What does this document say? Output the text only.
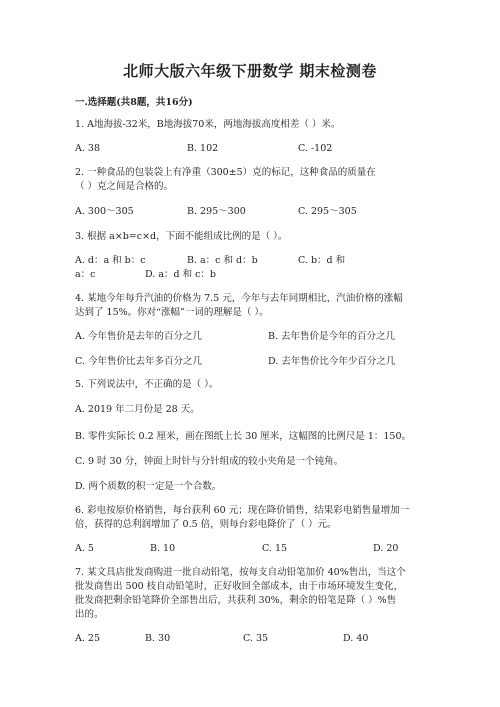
北师大版六年级下册数学 期末检测卷
一.选择题(共8题，共16分)
1. A地海拔-32米，B地海拔70米，两地海拔高度相差（ ）米。
A. 38	B. 102	C. -102
2. 一种食品的包装袋上有净重（300±5）克的标记，这种食品的质量在
（ ）克之间是合格的。
A. 300～305	B. 295～300	C. 295～305
3. 根据 a×b=c×d，下面不能组成比例的是（ ）。
A. d：a 和 b：c	B. a：c 和 d：b	C. b：d 和
a：c	D. a：d 和 c：b
4. 某地今年每升汽油的价格为 7.5 元，今年与去年同期相比，汽油价格的涨幅
达到了 15%。你对“涨幅”一词的理解是（ ）。
A. 今年售价是去年的百分之几	B. 去年售价是今年的百分之几
C. 今年售价比去年多百分之几	D. 去年售价比今年少百分之几
5. 下列说法中，不正确的是（ ）。
A. 2019 年二月份是 28 天。
B. 零件实际长 0.2 厘米，画在图纸上长 30 厘米，这幅图的比例尺是 1：150。
C. 9 时 30 分，钟面上时针与分针组成的较小夹角是一个钝角。
D. 两个质数的积一定是一个合数。
6. 彩电按原价格销售，每台获利 60 元；现在降价销售，结果彩电销售量增加一
倍，获得的总利润增加了 0.5 倍，则每台彩电降价了（ ）元。
A. 5	B. 10	C. 15	D. 20
7. 某文具店批发商购进一批自动铅笔，按每支自动铅笔加价 40%售出，当这个
批发商售出 500 枝自动铅笔时，正好收回全部成本，由于市场环境发生变化，
批发商把剩余铅笔降价全部售出后，共获利 30%，剩余的铅笔是降（ ）%售
出的。
A. 25	B. 30	C. 35	D. 40
